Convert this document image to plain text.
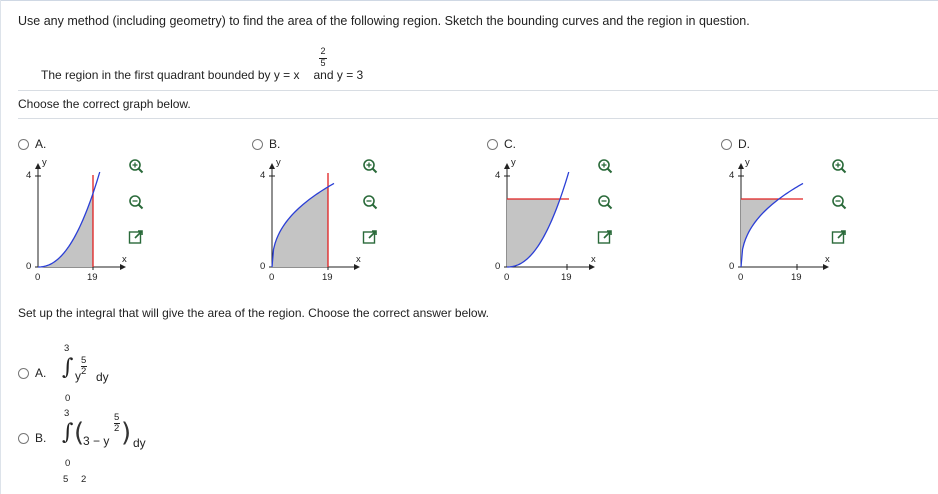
Use any method (including geometry) to find the area of the following region. Sketch the bounding curves and the region in question.
The region in the first quadrant bounded by y = x and y = 3
2
5
Choose the correct graph below.
A.
y
4
0
0	19
x
B.
y
4
0
0	19
x
C.
y
4
0
0	19
x
D.
y
4
0
0	19
x
Set up the integral that will give the area of the region. Choose the correct answer below.
A.
3
∫
0
y
5
2 dy
B.
3
∫
0
(
3 − y
5
2 ) dy
5 2
